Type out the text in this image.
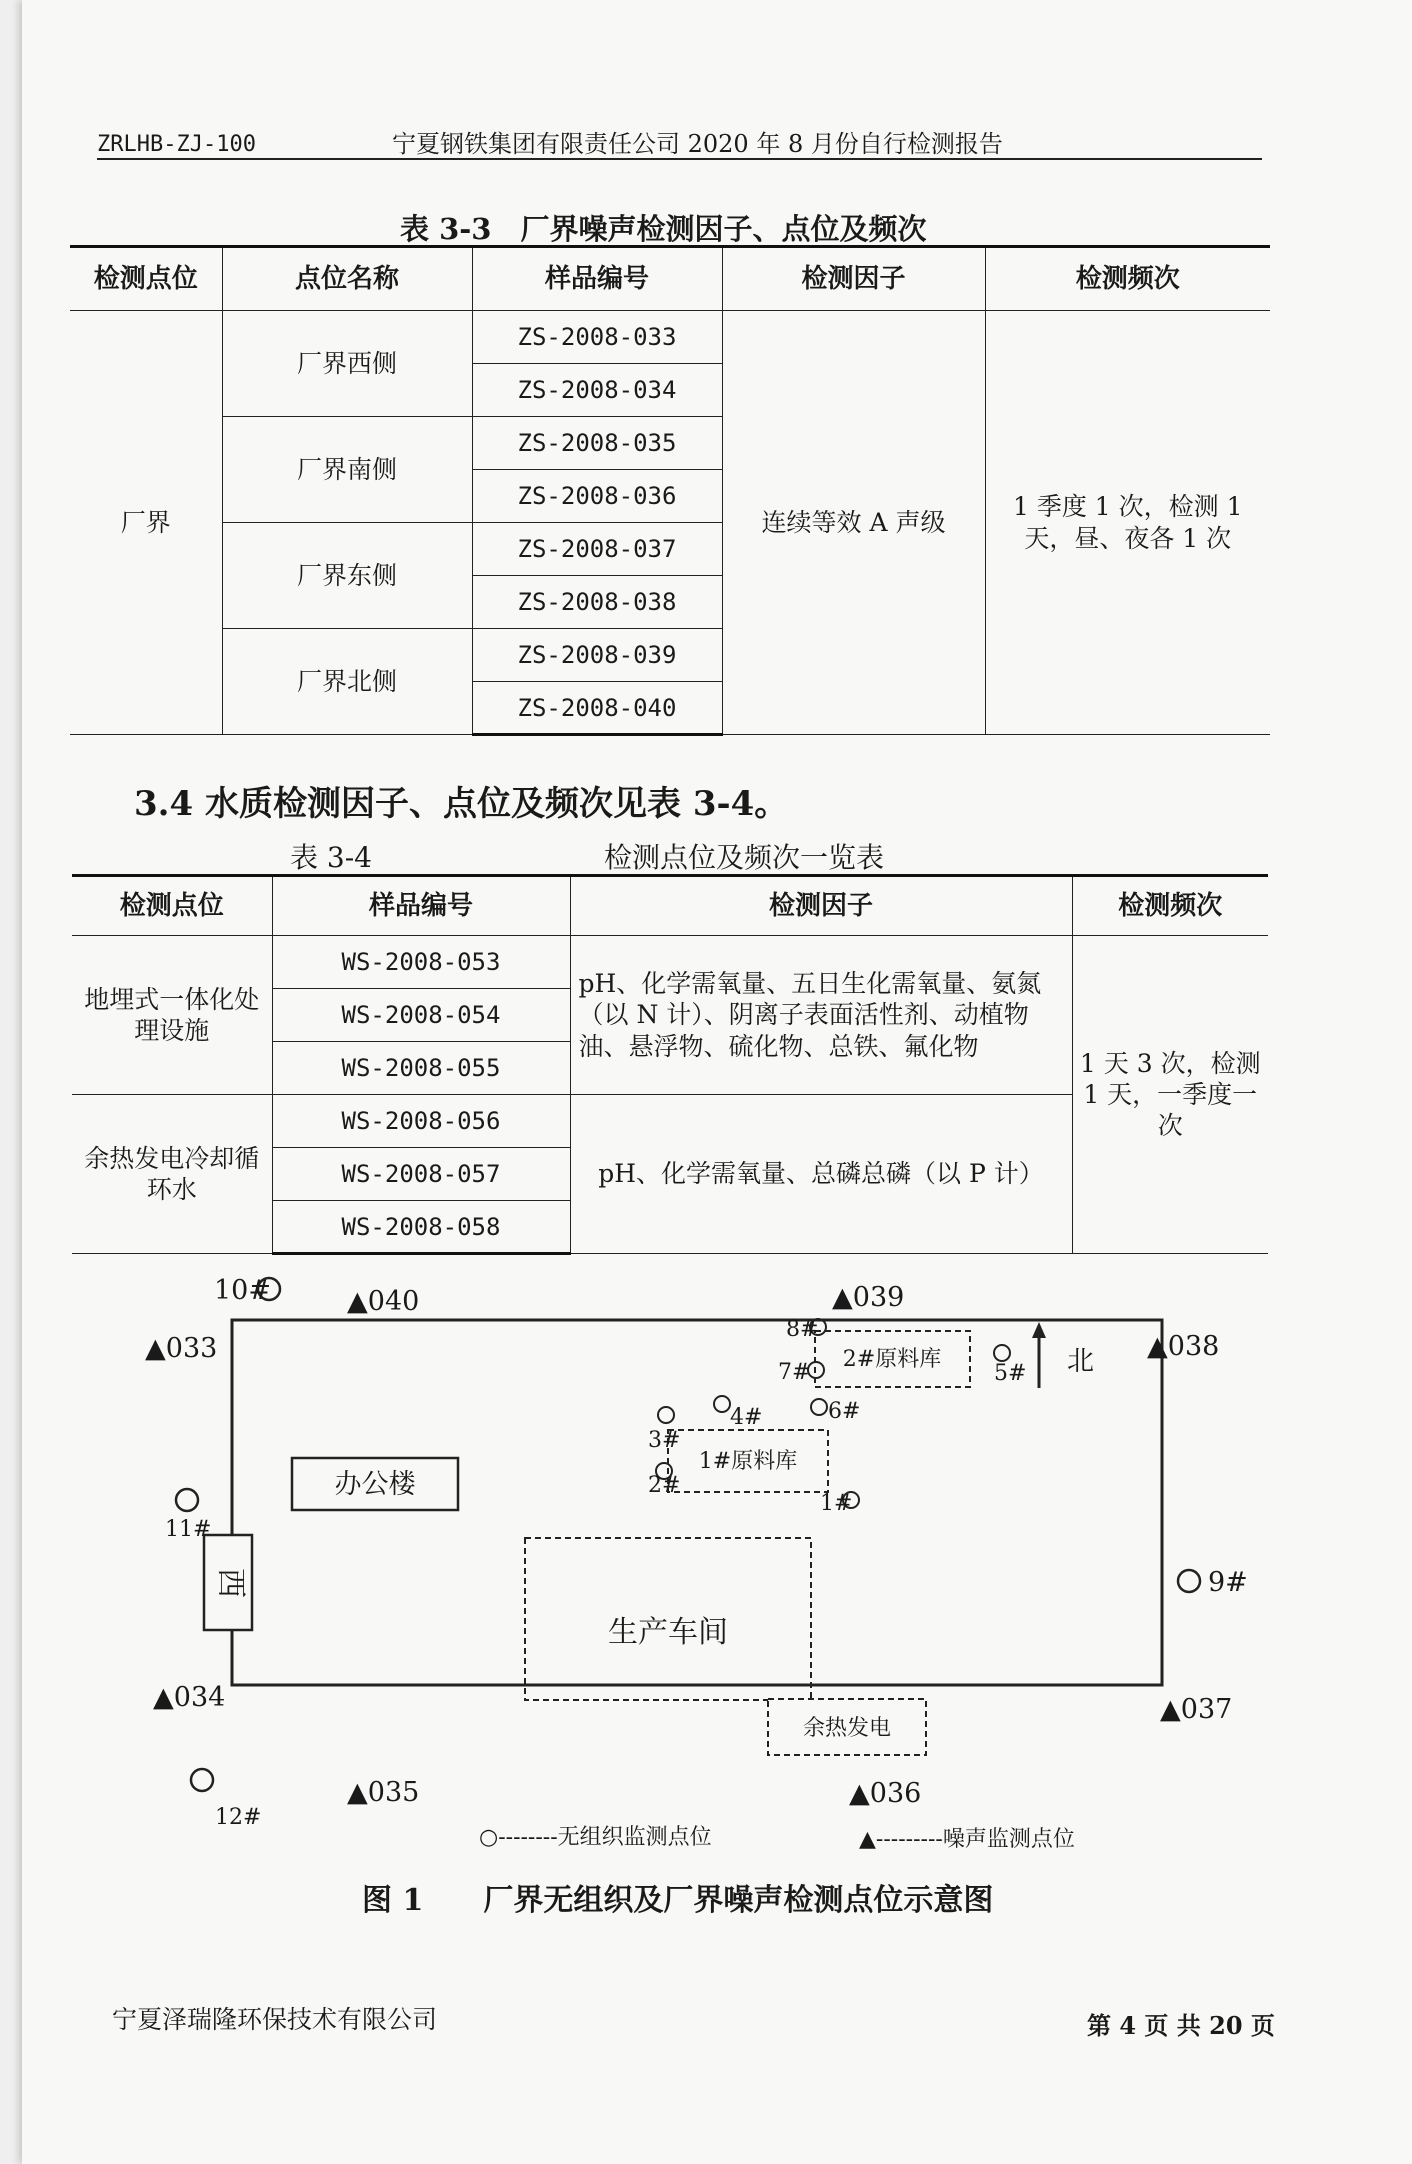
ZRLHB-ZJ-100	宁夏钢铁集团有限责任公司 2020 年 8 月份自行检测报告
表 3-3　厂界噪声检测因子、点位及频次
检测点位	点位名称	样品编号	检测因子	检测频次
厂界	厂界西侧	ZS-2008-033	连续等效 A 声级	1 季度 1 次，检测 1 天，昼、夜各 1 次
		ZS-2008-034		
	厂界南侧	ZS-2008-035		
		ZS-2008-036		
	厂界东侧	ZS-2008-037		
		ZS-2008-038		
	厂界北侧	ZS-2008-039		
		ZS-2008-040		
3.4 水质检测因子、点位及频次见表 3-4。
表 3-4	检测点位及频次一览表
检测点位	样品编号	检测因子	检测频次
地埋式一体化处理设施	WS-2008-053	pH、化学需氧量、五日生化需氧量、氨氮（以 N 计）、阴离子表面活性剂、动植物油、悬浮物、硫化物、总铁、氟化物	1 天 3 次，检测 1 天，一季度一次
	WS-2008-054		
	WS-2008-055		
余热发电冷却循环水	WS-2008-056	pH、化学需氧量、总磷总磷（以 P 计）	
	WS-2008-057		
	WS-2008-058		
办公楼
西
生产车间
余热发电
1#原料库
2#原料库	北
▲040	▲039
▲033	▲038
▲034	▲037
▲035	▲036
10#
11#
12#
9#
8#
7#	5#
6#
4#
3#
2#
1#
○--------无组织监测点位	▲---------噪声监测点位
图 1　　厂界无组织及厂界噪声检测点位示意图
宁夏泽瑞隆环保技术有限公司	第 4 页 共 20 页
